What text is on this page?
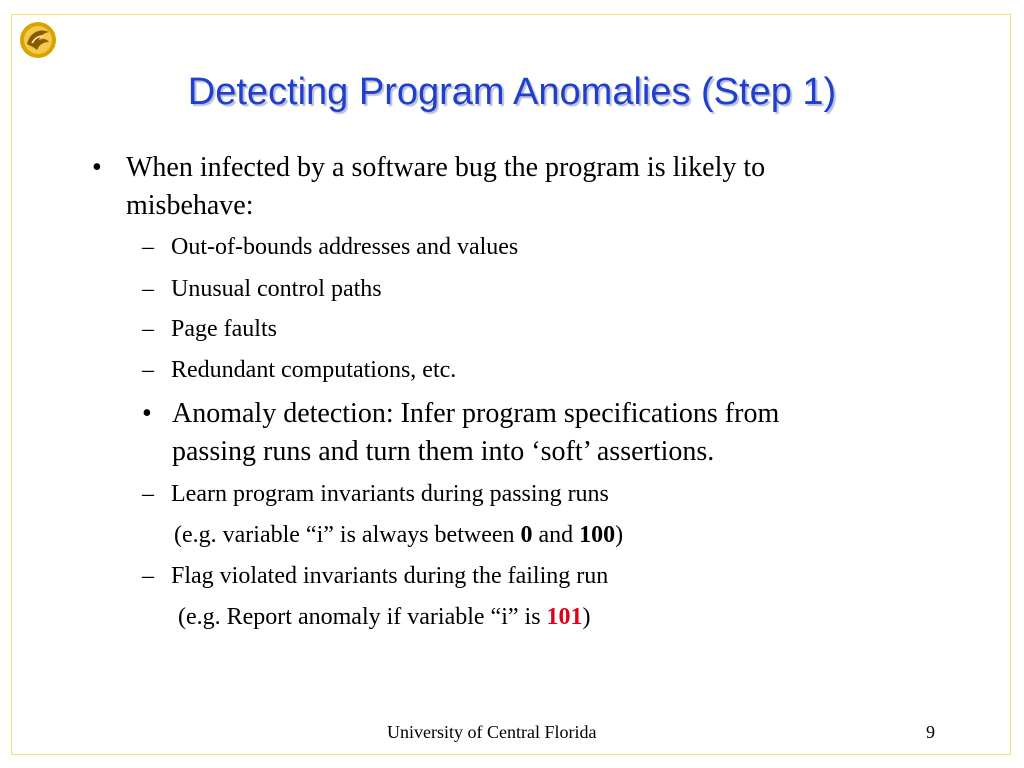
Detecting Program Anomalies (Step 1)
• When infected by a software bug the program is likely to
misbehave:
– Out-of-bounds addresses and values
– Unusual control paths
– Page faults
– Redundant computations, etc.
• Anomaly detection: Infer program specifications from
passing runs and turn them into ‘soft’ assertions.
– Learn program invariants during passing runs
(e.g. variable “i” is always between 0 and 100)
– Flag violated invariants during the failing run
(e.g. Report anomaly if variable “i” is 101)
University of Central Florida	9
